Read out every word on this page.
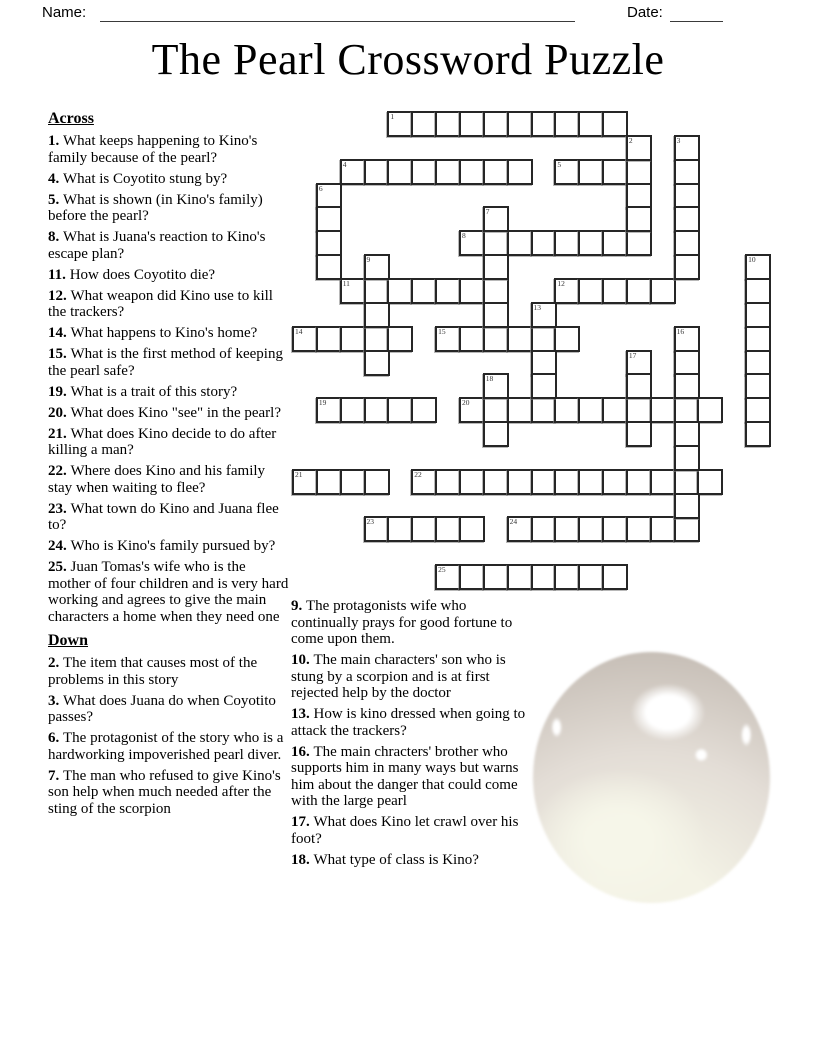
Name:	Date:
The Pearl Crossword Puzzle
1
4	5
8
11	12
14	15
19	20
21	22
23	24
25
2	3
6
7
9	10
13
16
17
18
Across

1. What keeps happening to Kino's family because of the pearl?

4. What is Coyotito stung by?

5. What is shown (in Kino's family) before the pearl?

8. What is Juana's reaction to Kino's escape plan?

11. How does Coyotito die?

12. What weapon did Kino use to kill the trackers?

14. What happens to Kino's home?

15. What is the first method of keeping the pearl safe?

19. What is a trait of this story?

20. What does Kino "see" in the pearl?

21. What does Kino decide to do after killing a man?

22. Where does Kino and his family stay when waiting to flee?

23. What town do Kino and Juana flee to?

24. Who is Kino's family pursued by?

25. Juan Tomas's wife who is the mother of four children and is very hard working and agrees to give the main characters a home when they need one

Down

2. The item that causes most of the problems in this story

3. What does Juana do when Coyotito passes?

6. The protagonist of the story who is a hardworking impoverished pearl diver.

7. The man who refused to give Kino's son help when much needed after the sting of the scorpion

9. The protagonists wife who continually prays for good fortune to come upon them.

10. The main characters' son who is stung by a scorpion and is at first rejected help by the doctor

13. How is kino dressed when going to attack the trackers?

16. The main chracters' brother who supports him in many ways but warns him about the danger that could come with the large pearl

17. What does Kino let crawl over his foot?

18. What type of class is Kino?
